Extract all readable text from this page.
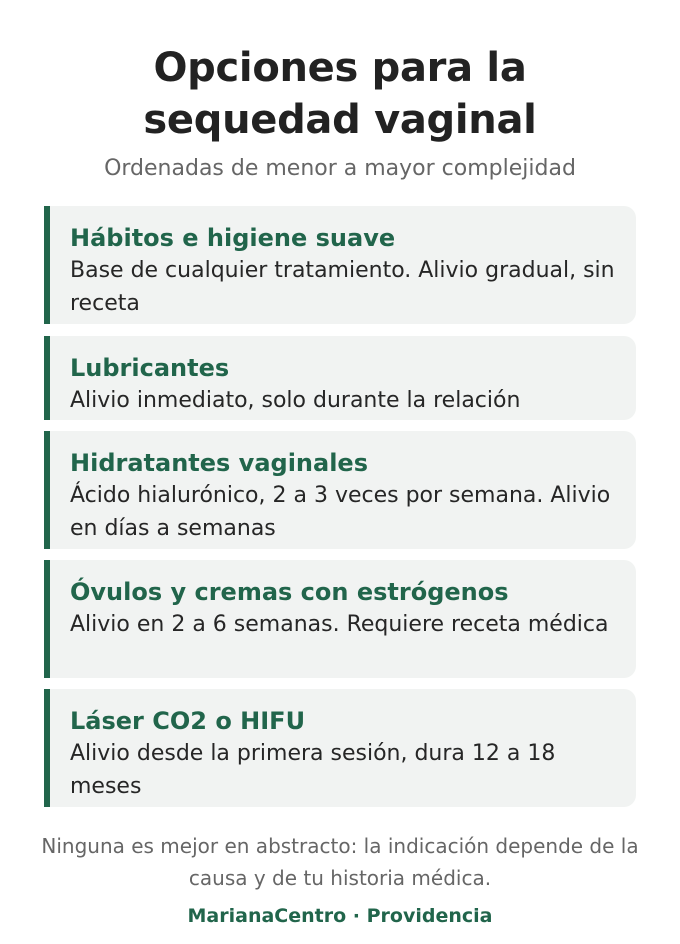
Opciones para la sequedad vaginal

Ordenadas de menor a mayor complejidad

Hábitos e higiene suave

Base de cualquier tratamiento. Alivio gradual, sin receta

Lubricantes

Alivio inmediato, solo durante la relación

Hidratantes vaginales

Ácido hialurónico, 2 a 3 veces por semana. Alivio en días a semanas

Óvulos y cremas con estrógenos

Alivio en 2 a 6 semanas. Requiere receta médica

Láser CO2 o HIFU

Alivio desde la primera sesión, dura 12 a 18 meses

Ninguna es mejor en abstracto: la indicación depende de la causa y de tu historia médica.

MarianaCentro · Providencia
